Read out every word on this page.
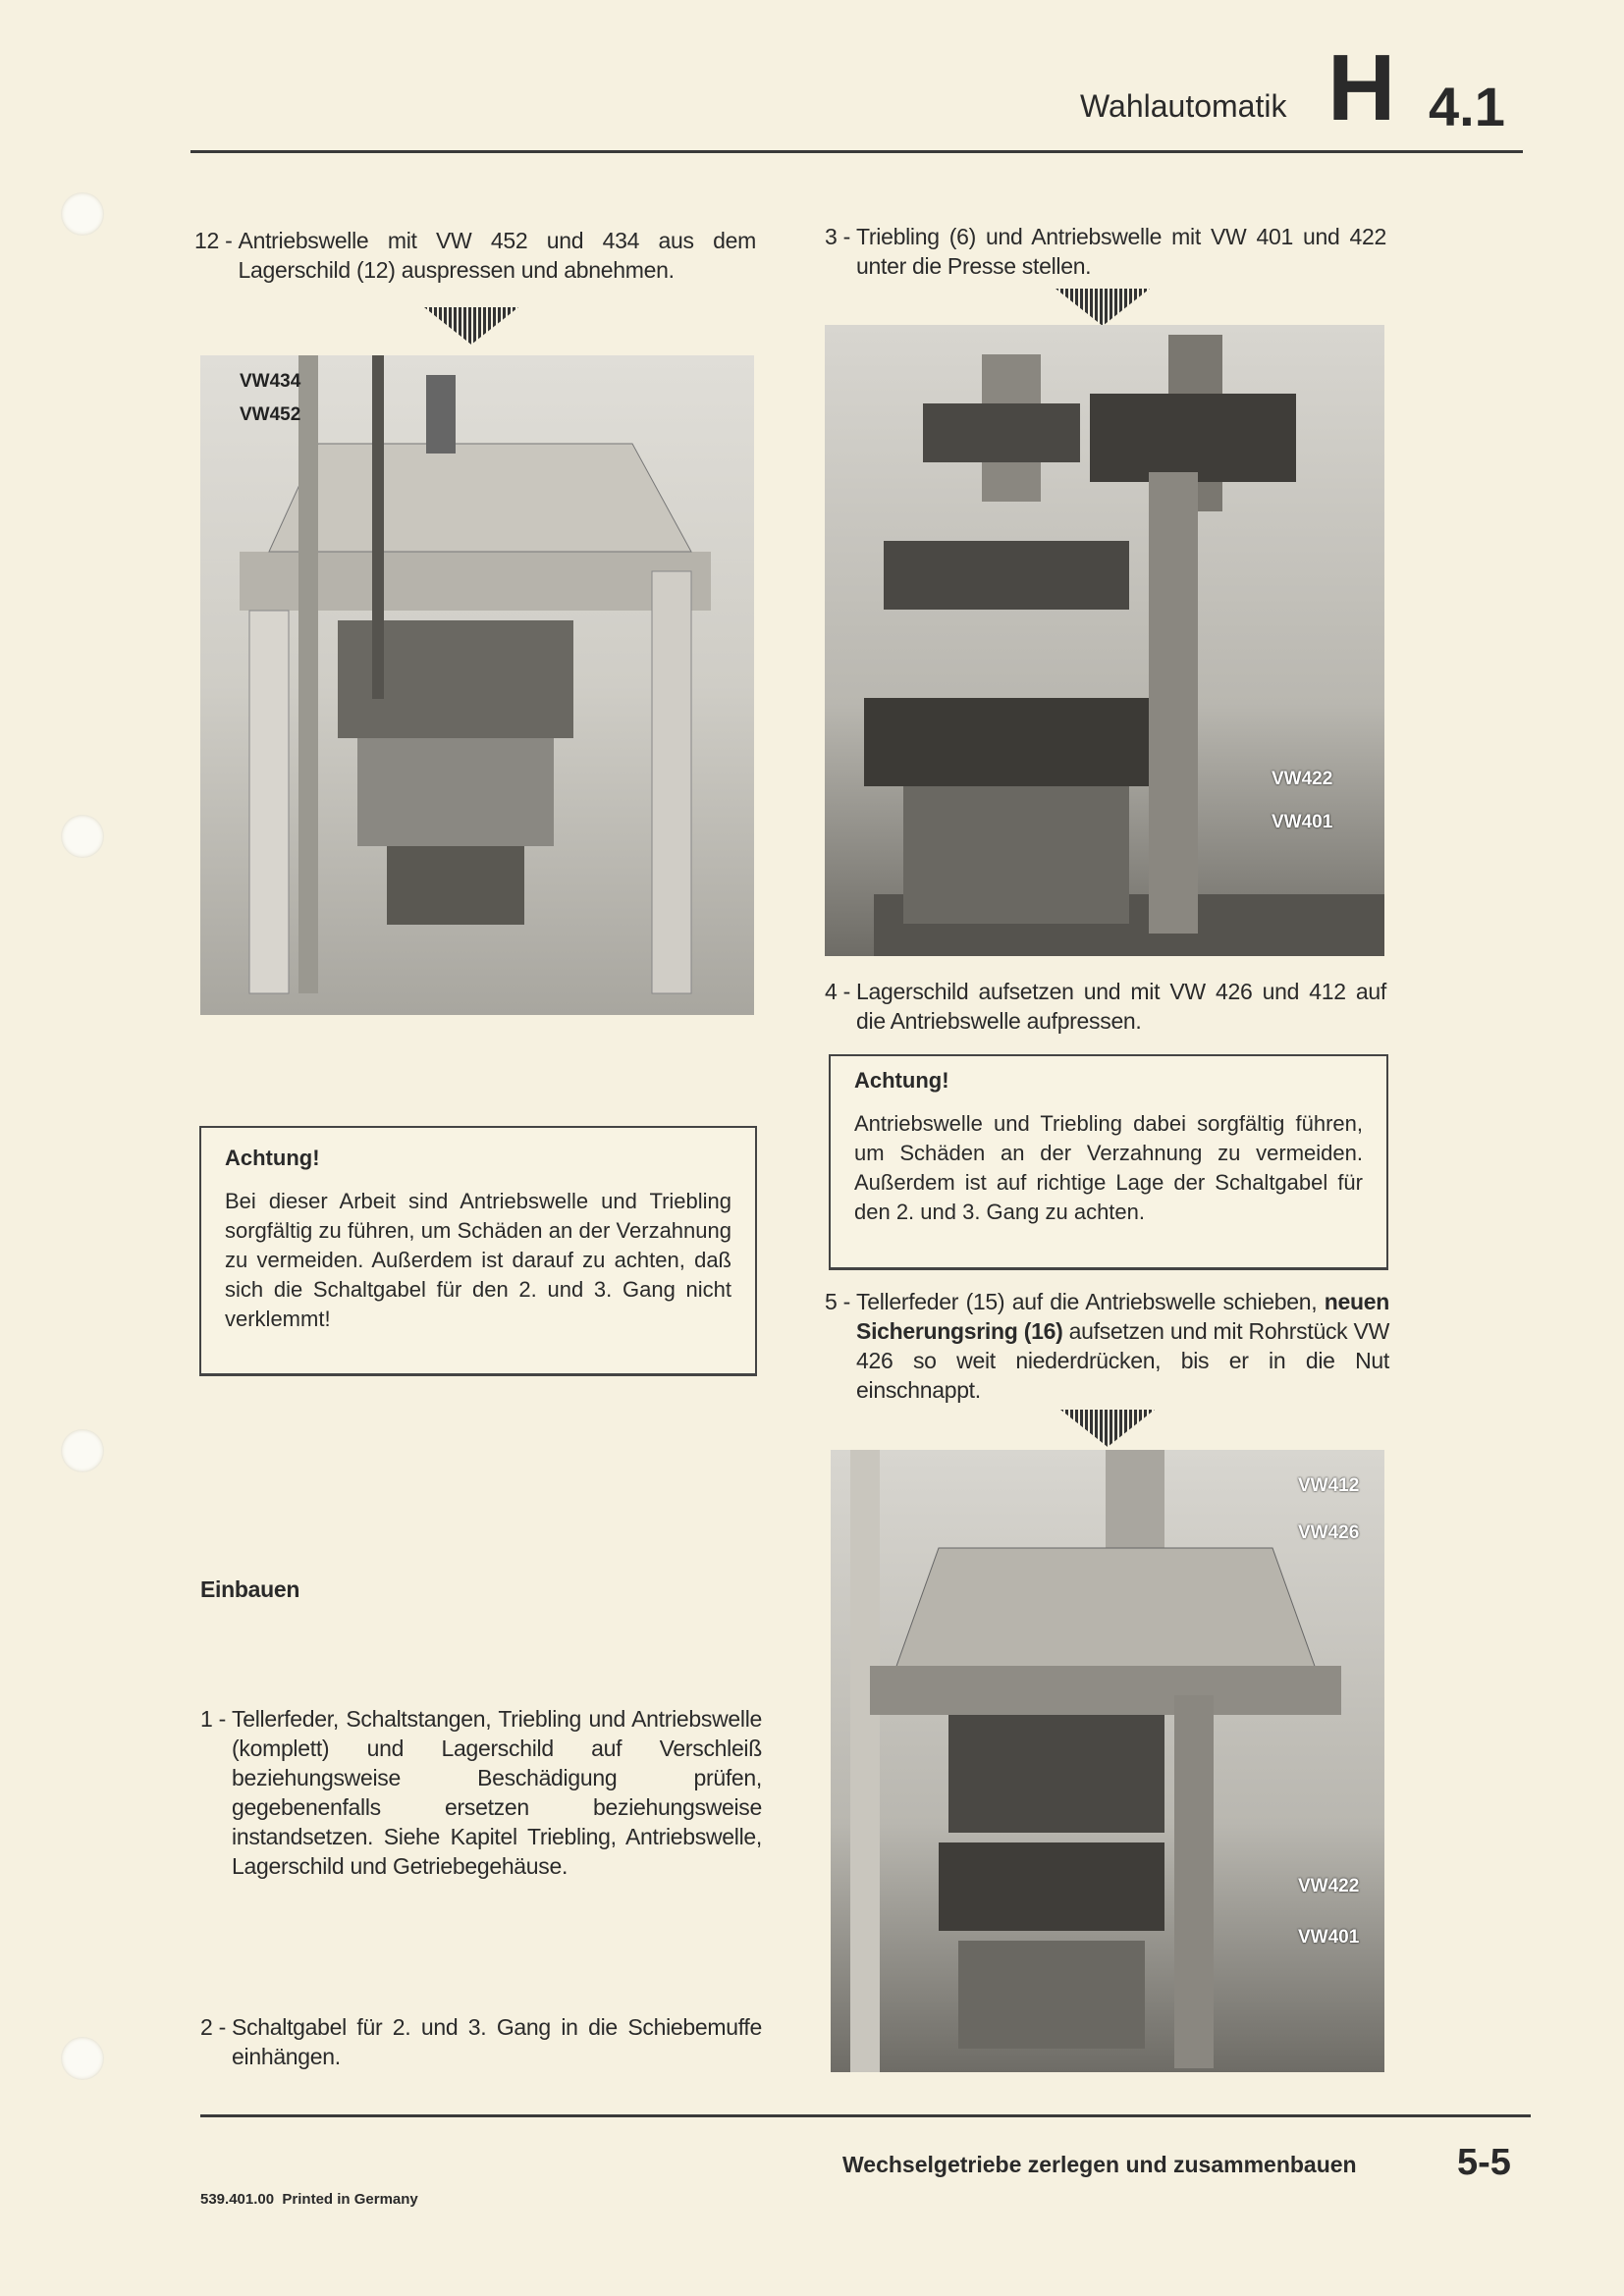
Wahlautomatik H 4.1
12 - Antriebswelle mit VW 452 und 434 aus dem Lagerschild (12) auspressen und abnehmen.
VW434
VW452
Achtung!
Bei dieser Arbeit sind Antriebswelle und Triebling sorgfältig zu führen, um Schäden an der Verzahnung zu vermeiden. Außerdem ist darauf zu achten, daß sich die Schaltgabel für den 2. und 3. Gang nicht verklemmt!
Einbauen
1 - Tellerfeder, Schaltstangen, Triebling und Antriebswelle (komplett) und Lagerschild auf Verschleiß beziehungsweise Beschädigung prüfen, gegebenenfalls ersetzen beziehungsweise instandsetzen. Siehe Kapitel Triebling, Antriebswelle, Lagerschild und Getriebegehäuse.
2 - Schaltgabel für 2. und 3. Gang in die Schiebemuffe einhängen.
3 - Triebling (6) und Antriebswelle mit VW 401 und 422 unter die Presse stellen.
VW422
VW401
4 - Lagerschild aufsetzen und mit VW 426 und 412 auf die Antriebswelle aufpressen.
Achtung!
Antriebswelle und Triebling dabei sorgfältig führen, um Schäden an der Verzahnung zu vermeiden. Außerdem ist auf richtige Lage der Schaltgabel für den 2. und 3. Gang zu achten.
5 - Tellerfeder (15) auf die Antriebswelle schieben, neuen Sicherungsring (16) aufsetzen und mit Rohrstück VW 426 so weit niederdrücken, bis er in die Nut einschnappt.
VW412
VW426
VW422
VW401
Wechselgetriebe zerlegen und zusammenbauen	5-5
539.401.00  Printed in Germany
